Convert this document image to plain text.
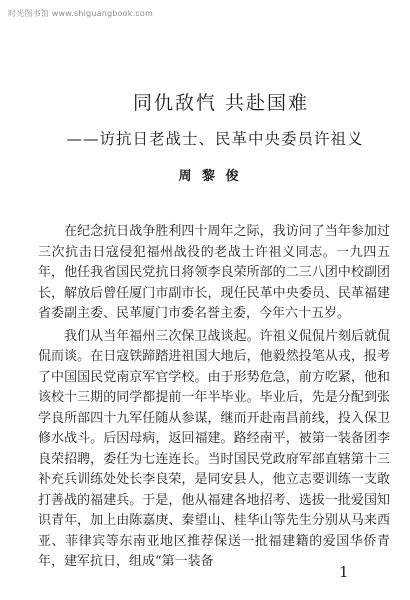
时光图书馆 www.shiguangbook.com
同仇敌忾 共赴国难
——访抗日老战士、民革中央委员许祖义
周 黎 俊

在纪念抗日战争胜利四十周年之际，我访问了当年参加过三次抗击日寇侵犯福州战役的老战士许祖义同志。一九四五年，他任我省国民党抗日将领李良荣所部的二三八团中校副团长，解放后曾任厦门市副市长，现任民革中央委员、民革福建省委副主委、民革厦门市委名誉主委，今年六十五岁。

我们从当年福州三次保卫战谈起。许祖义侃侃片刻后就侃侃而谈。在日寇铁蹄踏进祖国大地后，他毅然投笔从戎，报考了中国国民党南京军官学校。由于形势危急，前方吃紧，他和该校十三期的同学都提前一年半毕业。毕业后，先是分配到张学良所部四十九军任随从参谋，继而开赴南昌前线，投入保卫修水战斗。后因母病，返回福建。路经南平，被第一装备团李良荣招聘，委任为七连连长。当时国民党政府军部直辖第十三补充兵训练处处长李良荣，是同安县人，他立志要训练一支敢打善战的福建兵。于是，他从福建各地招考、选拔一批爱国知识青年，加上由陈嘉庚、秦望山、桂华山等先生分别从马来西亚、菲律宾等东南亚地区推荐保送一批福建籍的爱国华侨青年，建军抗日，组成“第一装备

1
